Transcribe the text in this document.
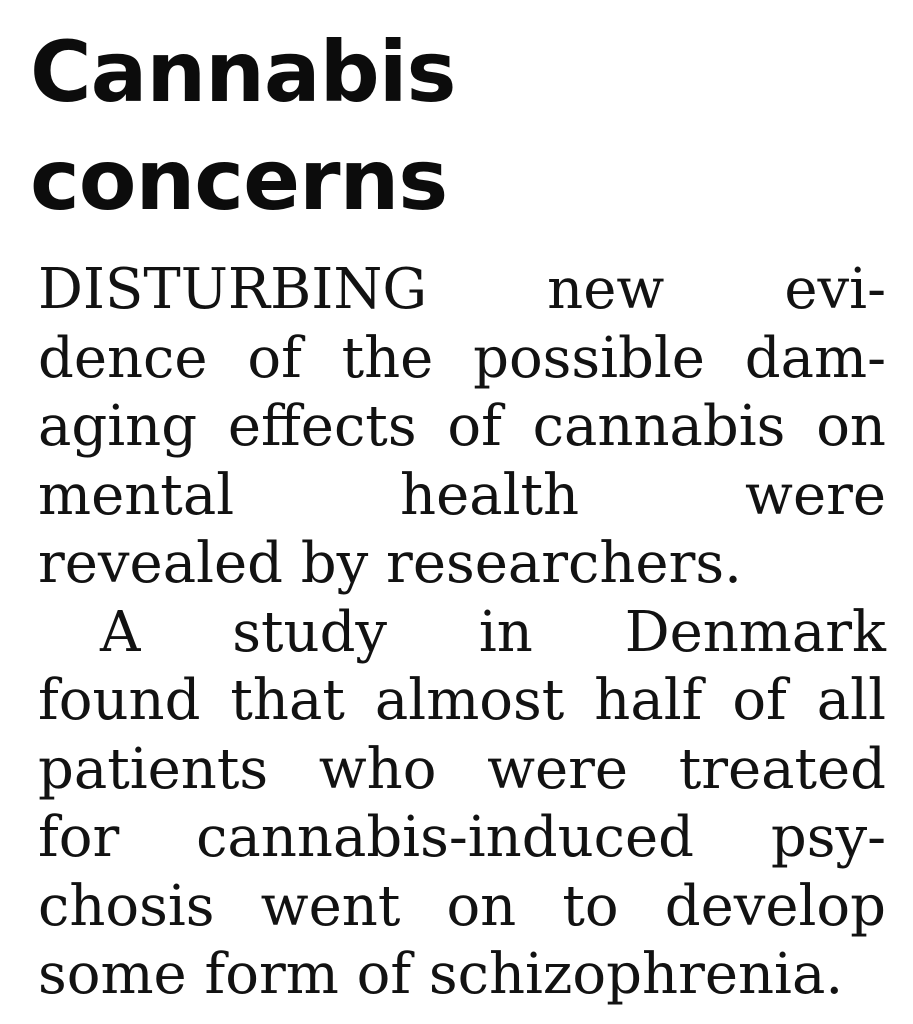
Cannabis
concerns
DISTURBING new evi-
dence of the possible dam-
aging effects of cannabis on
mental health were
revealed by researchers.
A study in Denmark
found that almost half of all
patients who were treated
for cannabis-induced psy-
chosis went on to develop
some form of schizophrenia.
